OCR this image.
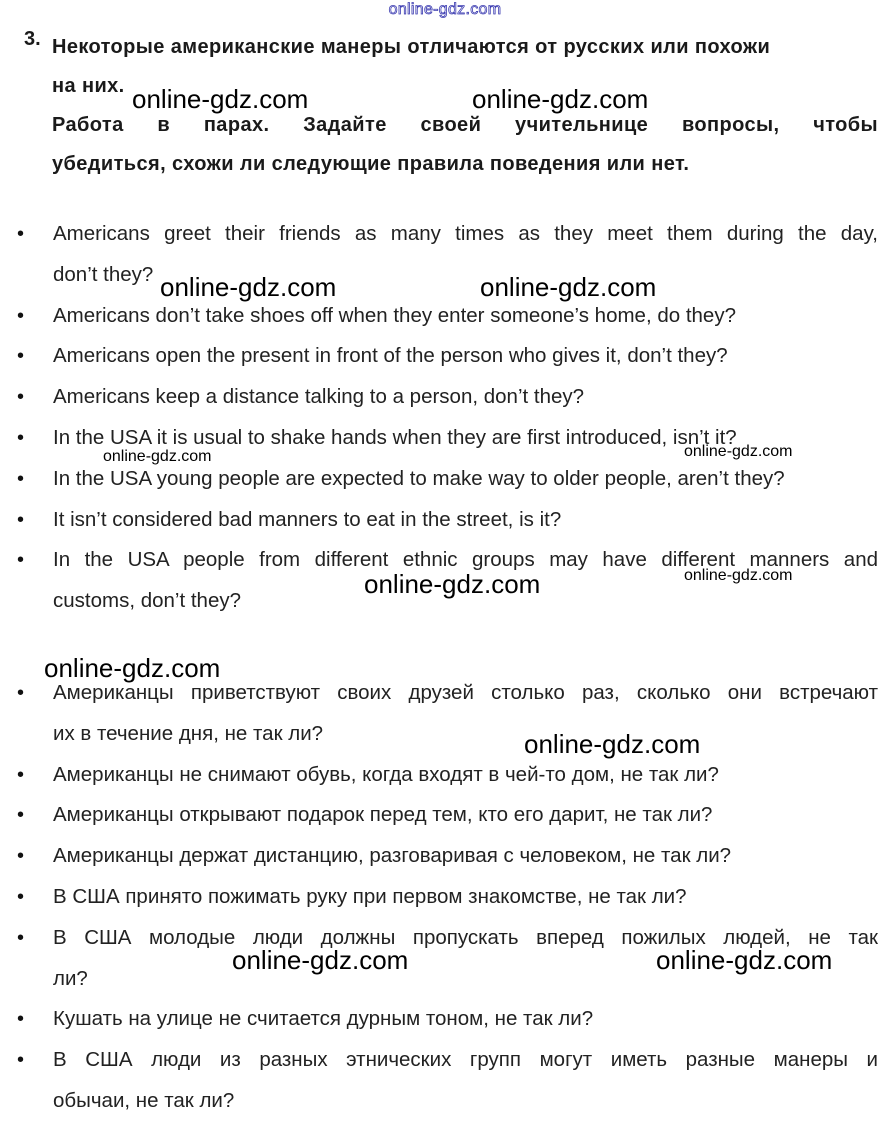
online-gdz.com
3. Некоторые американские манеры отличаются от русских или похожи
на них.
Работа в парах. Задайте своей учительнице вопросы, чтобы
убедиться, схожи ли следующие правила поведения или нет.
• Americans greet their friends as many times as they meet them during the day,
don’t they?
• Americans don’t take shoes off when they enter someone’s home, do they?
• Americans open the present in front of the person who gives it, don’t they?
• Americans keep a distance talking to a person, don’t they?
• In the USA it is usual to shake hands when they are first introduced, isn’t it?
• In the USA young people are expected to make way to older people, aren’t they?
• It isn’t considered bad manners to eat in the street, is it?
• In the USA people from different ethnic groups may have different manners and
customs, don’t they?
• Американцы приветствуют своих друзей столько раз, сколько они встречают
их в течение дня, не так ли?
• Американцы не снимают обувь, когда входят в чей-то дом, не так ли?
• Американцы открывают подарок перед тем, кто его дарит, не так ли?
• Американцы держат дистанцию, разговаривая с человеком, не так ли?
• В США принято пожимать руку при первом знакомстве, не так ли?
• В США молодые люди должны пропускать вперед пожилых людей, не так
ли?
• Кушать на улице не считается дурным тоном, не так ли?
• В США люди из разных этнических групп могут иметь разные манеры и
обычаи, не так ли?
online-gdz.com	online-gdz.com
online-gdz.com	online-gdz.com
online-gdz.com	online-gdz.com
online-gdz.com	online-gdz.com
online-gdz.com
online-gdz.com
online-gdz.com	online-gdz.com
